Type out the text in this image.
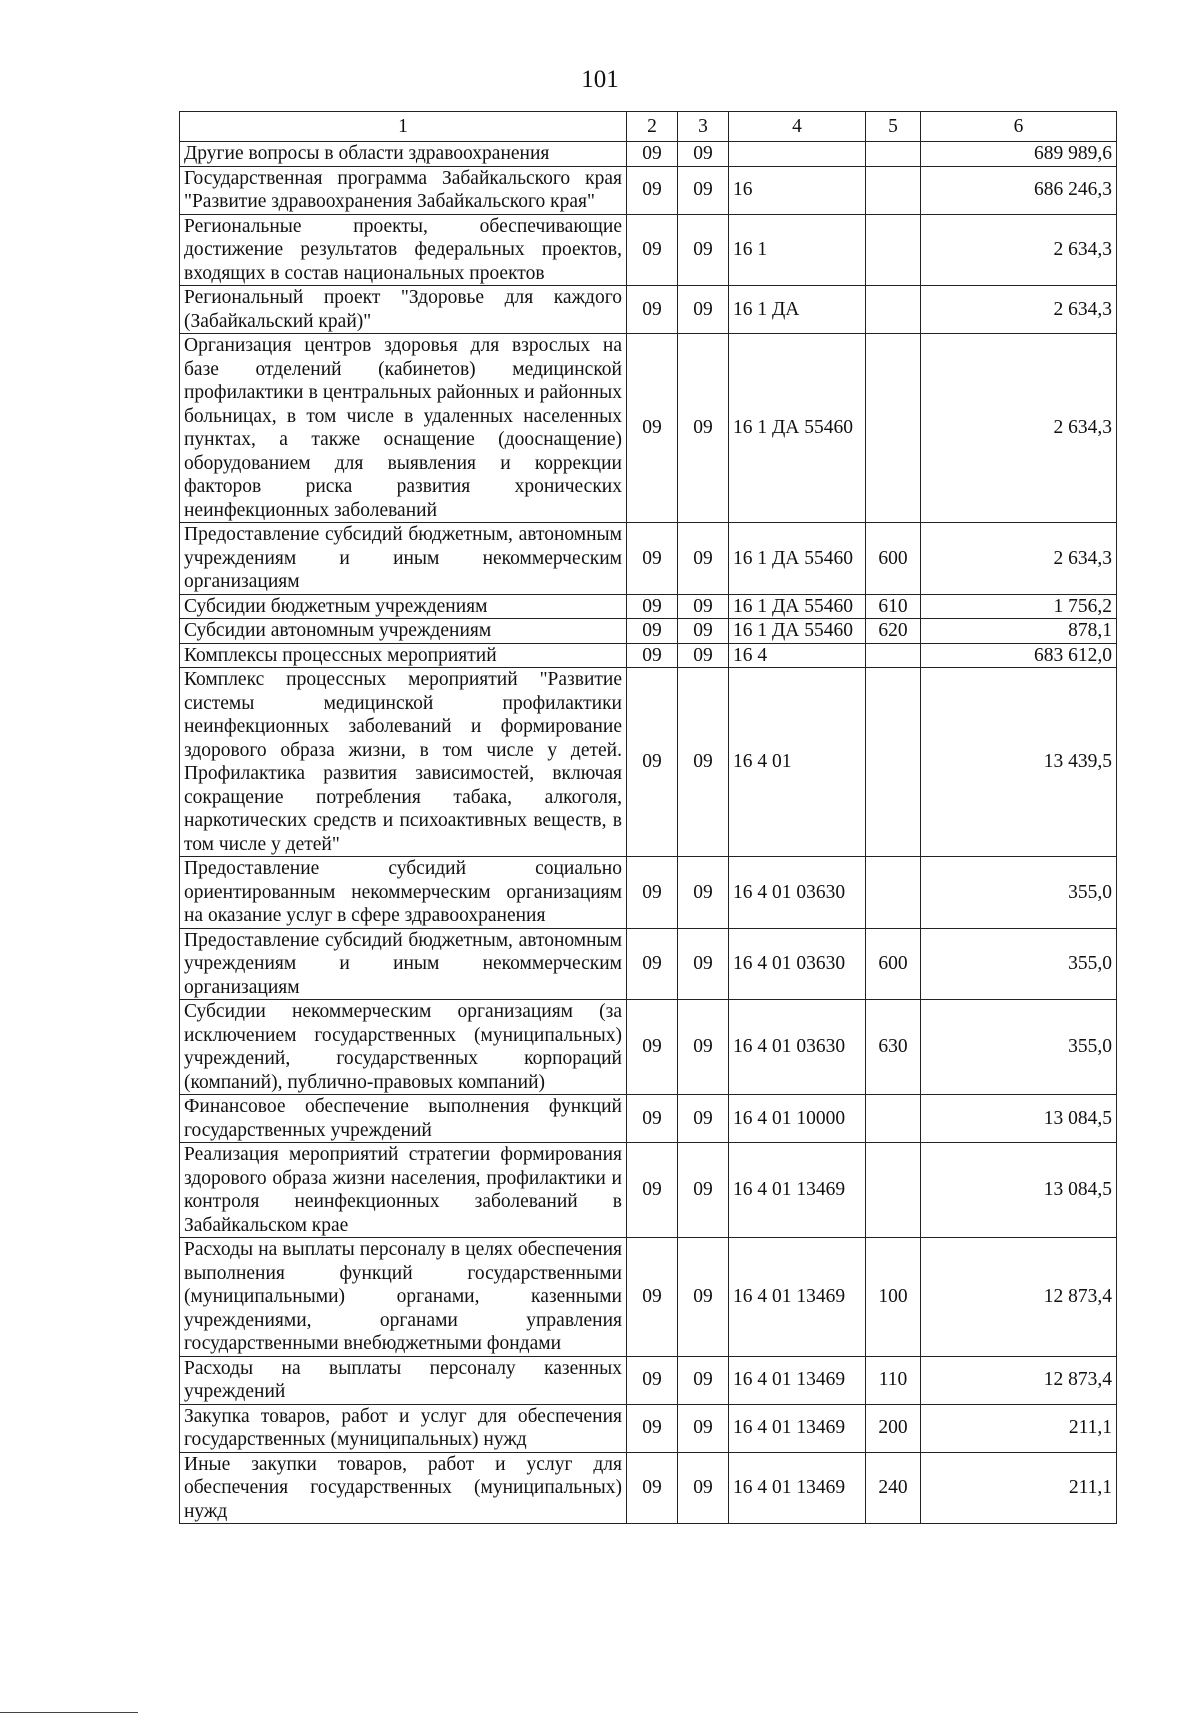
101
1	2	3	4	5	6
Другие вопросы в области здравоохранения	09	09			689 989,6
Государственная программа Забайкальского края "Развитие здравоохранения Забайкальского края"	09	09	16		686 246,3
Региональные проекты, обеспечивающие достижение результатов федеральных проектов, входящих в состав национальных проектов	09	09	16 1		2 634,3
Региональный проект "Здоровье для каждого (Забайкальский край)"	09	09	16 1 ДА		2 634,3
Организация центров здоровья для взрослых на базе отделений (кабинетов) медицинской профилактики в центральных районных и районных больницах, в том числе в удаленных населенных пунктах, а также оснащение (дооснащение) оборудованием для выявления и коррекции факторов риска развития хронических неинфекционных заболеваний	09	09	16 1 ДА 55460		2 634,3
Предоставление субсидий бюджетным, автономным учреждениям и иным некоммерческим организациям	09	09	16 1 ДА 55460	600	2 634,3
Субсидии бюджетным учреждениям	09	09	16 1 ДА 55460	610	1 756,2
Субсидии автономным учреждениям	09	09	16 1 ДА 55460	620	878,1
Комплексы процессных мероприятий	09	09	16 4		683 612,0
Комплекс процессных мероприятий "Развитие системы медицинской профилактики неинфекционных заболеваний и формирование здорового образа жизни, в том числе у детей. Профилактика развития зависимостей, включая сокращение потребления табака, алкоголя, наркотических средств и психоактивных веществ, в том числе у детей"	09	09	16 4 01		13 439,5
Предоставление субсидий социально ориентированным некоммерческим организациям на оказание услуг в сфере здравоохранения	09	09	16 4 01 03630		355,0
Предоставление субсидий бюджетным, автономным учреждениям и иным некоммерческим организациям	09	09	16 4 01 03630	600	355,0
Субсидии некоммерческим организациям (за исключением государственных (муниципальных) учреждений, государственных корпораций (компаний), публично-правовых компаний)	09	09	16 4 01 03630	630	355,0
Финансовое обеспечение выполнения функций государственных учреждений	09	09	16 4 01 10000		13 084,5
Реализация мероприятий стратегии формирования здорового образа жизни населения, профилактики и контроля неинфекционных заболеваний в Забайкальском крае	09	09	16 4 01 13469		13 084,5
Расходы на выплаты персоналу в целях обеспечения выполнения функций государственными (муниципальными) органами, казенными учреждениями, органами управления государственными внебюджетными фондами	09	09	16 4 01 13469	100	12 873,4
Расходы на выплаты персоналу казенных учреждений	09	09	16 4 01 13469	110	12 873,4
Закупка товаров, работ и услуг для обеспечения государственных (муниципальных) нужд	09	09	16 4 01 13469	200	211,1
Иные закупки товаров, работ и услуг для обеспечения государственных (муниципальных) нужд	09	09	16 4 01 13469	240	211,1
